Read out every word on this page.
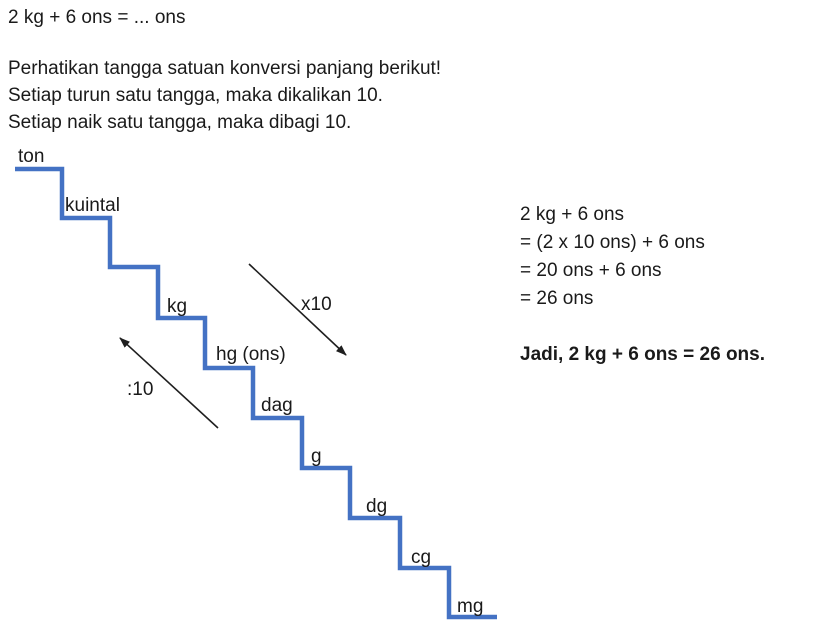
2 kg + 6 ons = ... ons
Perhatikan tangga satuan konversi panjang berikut!
Setiap turun satu tangga, maka dikalikan 10.
Setiap naik satu tangga, maka dibagi 10.
ton
kuintal
kg
hg (ons)
dag
g
dg
cg
mg
x10
:10
2 kg + 6 ons
= (2 x 10 ons) + 6 ons
= 20 ons + 6 ons
= 26 ons
Jadi, 2 kg + 6 ons = 26 ons.
